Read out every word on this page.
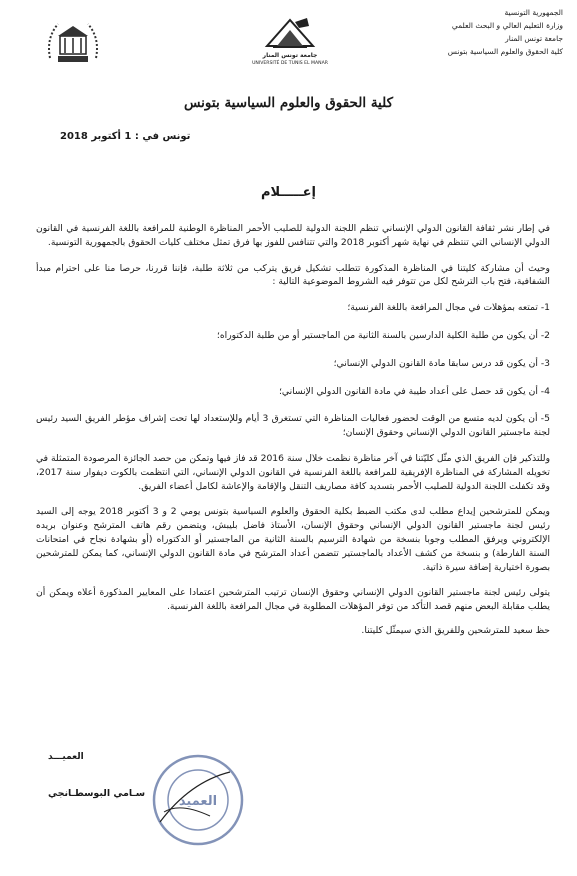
الجمهورية التونسية
وزارة التعليم العالي و البحث العلمي
جامعة تونس المنار
كلية الحقوق والعلوم السياسية بتونس
جامعة تونس المنار
UNIVERSITÉ DE TUNIS EL MANAR
كلية الحقوق والعلوم السياسية بتونس
تونس في : 1 أكتوبر 2018
إعـــــلام

في إطار نشر ثقافة القانون الدولي الإنساني تنظم اللجنة الدولية للصليب الأحمر المناظرة الوطنية للمرافعة باللغة الفرنسية في القانون الدولي الإنساني التي تنتظم في نهاية شهر أكتوبر 2018 والتي تتنافس للفوز بها فرق تمثل مختلف كليات الحقوق بالجمهورية التونسية.

وحيث أن مشاركة كليتنا في المناظرة المذكورة تتطلب تشكيل فريق يتركب من ثلاثة طلبة، فإننا قررنا، حرصا منا على احترام مبدأ الشفافية، فتح باب الترشح لكل من تتوفر فيه الشروط الموضوعية التالية :

1- تمتعه بمؤهلات في مجال المرافعة باللغة الفرنسية؛

2- أن يكون من طلبة الكلية الدارسين بالسنة الثانية من الماجستير أو من طلبة الدكتوراه؛

3- أن يكون قد درس سابقا مادة القانون الدولي الإنساني؛

4- أن يكون قد حصل على أعداد طيبة في مادة القانون الدولي الإنساني؛

5- أن يكون لديه متسع من الوقت لحضور فعاليات المناظرة التي تستغرق 3 أيام وللإستعداد لها تحت إشراف مؤطر الفريق السيد رئيس لجنة ماجستير القانون الدولي الإنساني وحقوق الإنسان؛

وللتذكير فإن الفريق الذي مثّل كليّتنا في آخر مناظرة نظمت خلال سنة 2016 قد فاز فيها وتمكن من حصد الجائزة المرصودة المتمثلة في تخويله المشاركة في المناظرة الإفريقية للمرافعة باللغة الفرنسية في القانون الدولي الإنساني، التي انتظمت بالكوت ديفوار سنة 2017، وقد تكفلت اللجنة الدولية للصليب الأحمر بتسديد كافة مصاريف التنقل والإقامة والإعاشة لكامل أعضاء الفريق.

ويمكن للمترشحين إيداع مطلب لدى مكتب الضبط بكلية الحقوق والعلوم السياسية بتونس يومي 2 و 3 أكتوبر 2018 يوجه إلى السيد رئيس لجنة ماجستير القانون الدولي الإنساني وحقوق الإنسان، الأستاذ فاضل بليبش، ويتضمن رقم هاتف المترشح وعنوان بريده الإلكتروني ويرفق المطلب وجوبا بنسخة من شهادة الترسيم بالسنة الثانية من الماجستير أو الدكتوراه (أو بشهادة نجاح في امتحانات السنة الفارطة) و بنسخة من كشف الأعداد بالماجستير تتضمن أعداد المترشح في مادة القانون الدولي الإنساني، كما يمكن للمترشحين بصورة اختيارية إضافة سيرة ذاتية.

يتولى رئيس لجنة ماجستير القانون الدولي الإنساني وحقوق الإنسان ترتيب المترشحين اعتمادا على المعايير المذكورة أعلاه ويمكن أن يطلب مقابلة البعض منهم قصد التأكد من توفر المؤهلات المطلوبة في مجال المرافعة باللغة الفرنسية.

حظ سعيد للمترشحين وللفريق الذي سيمثّل كليتنا.

العميـــد
سـامي البوسطـانجي
العميد
